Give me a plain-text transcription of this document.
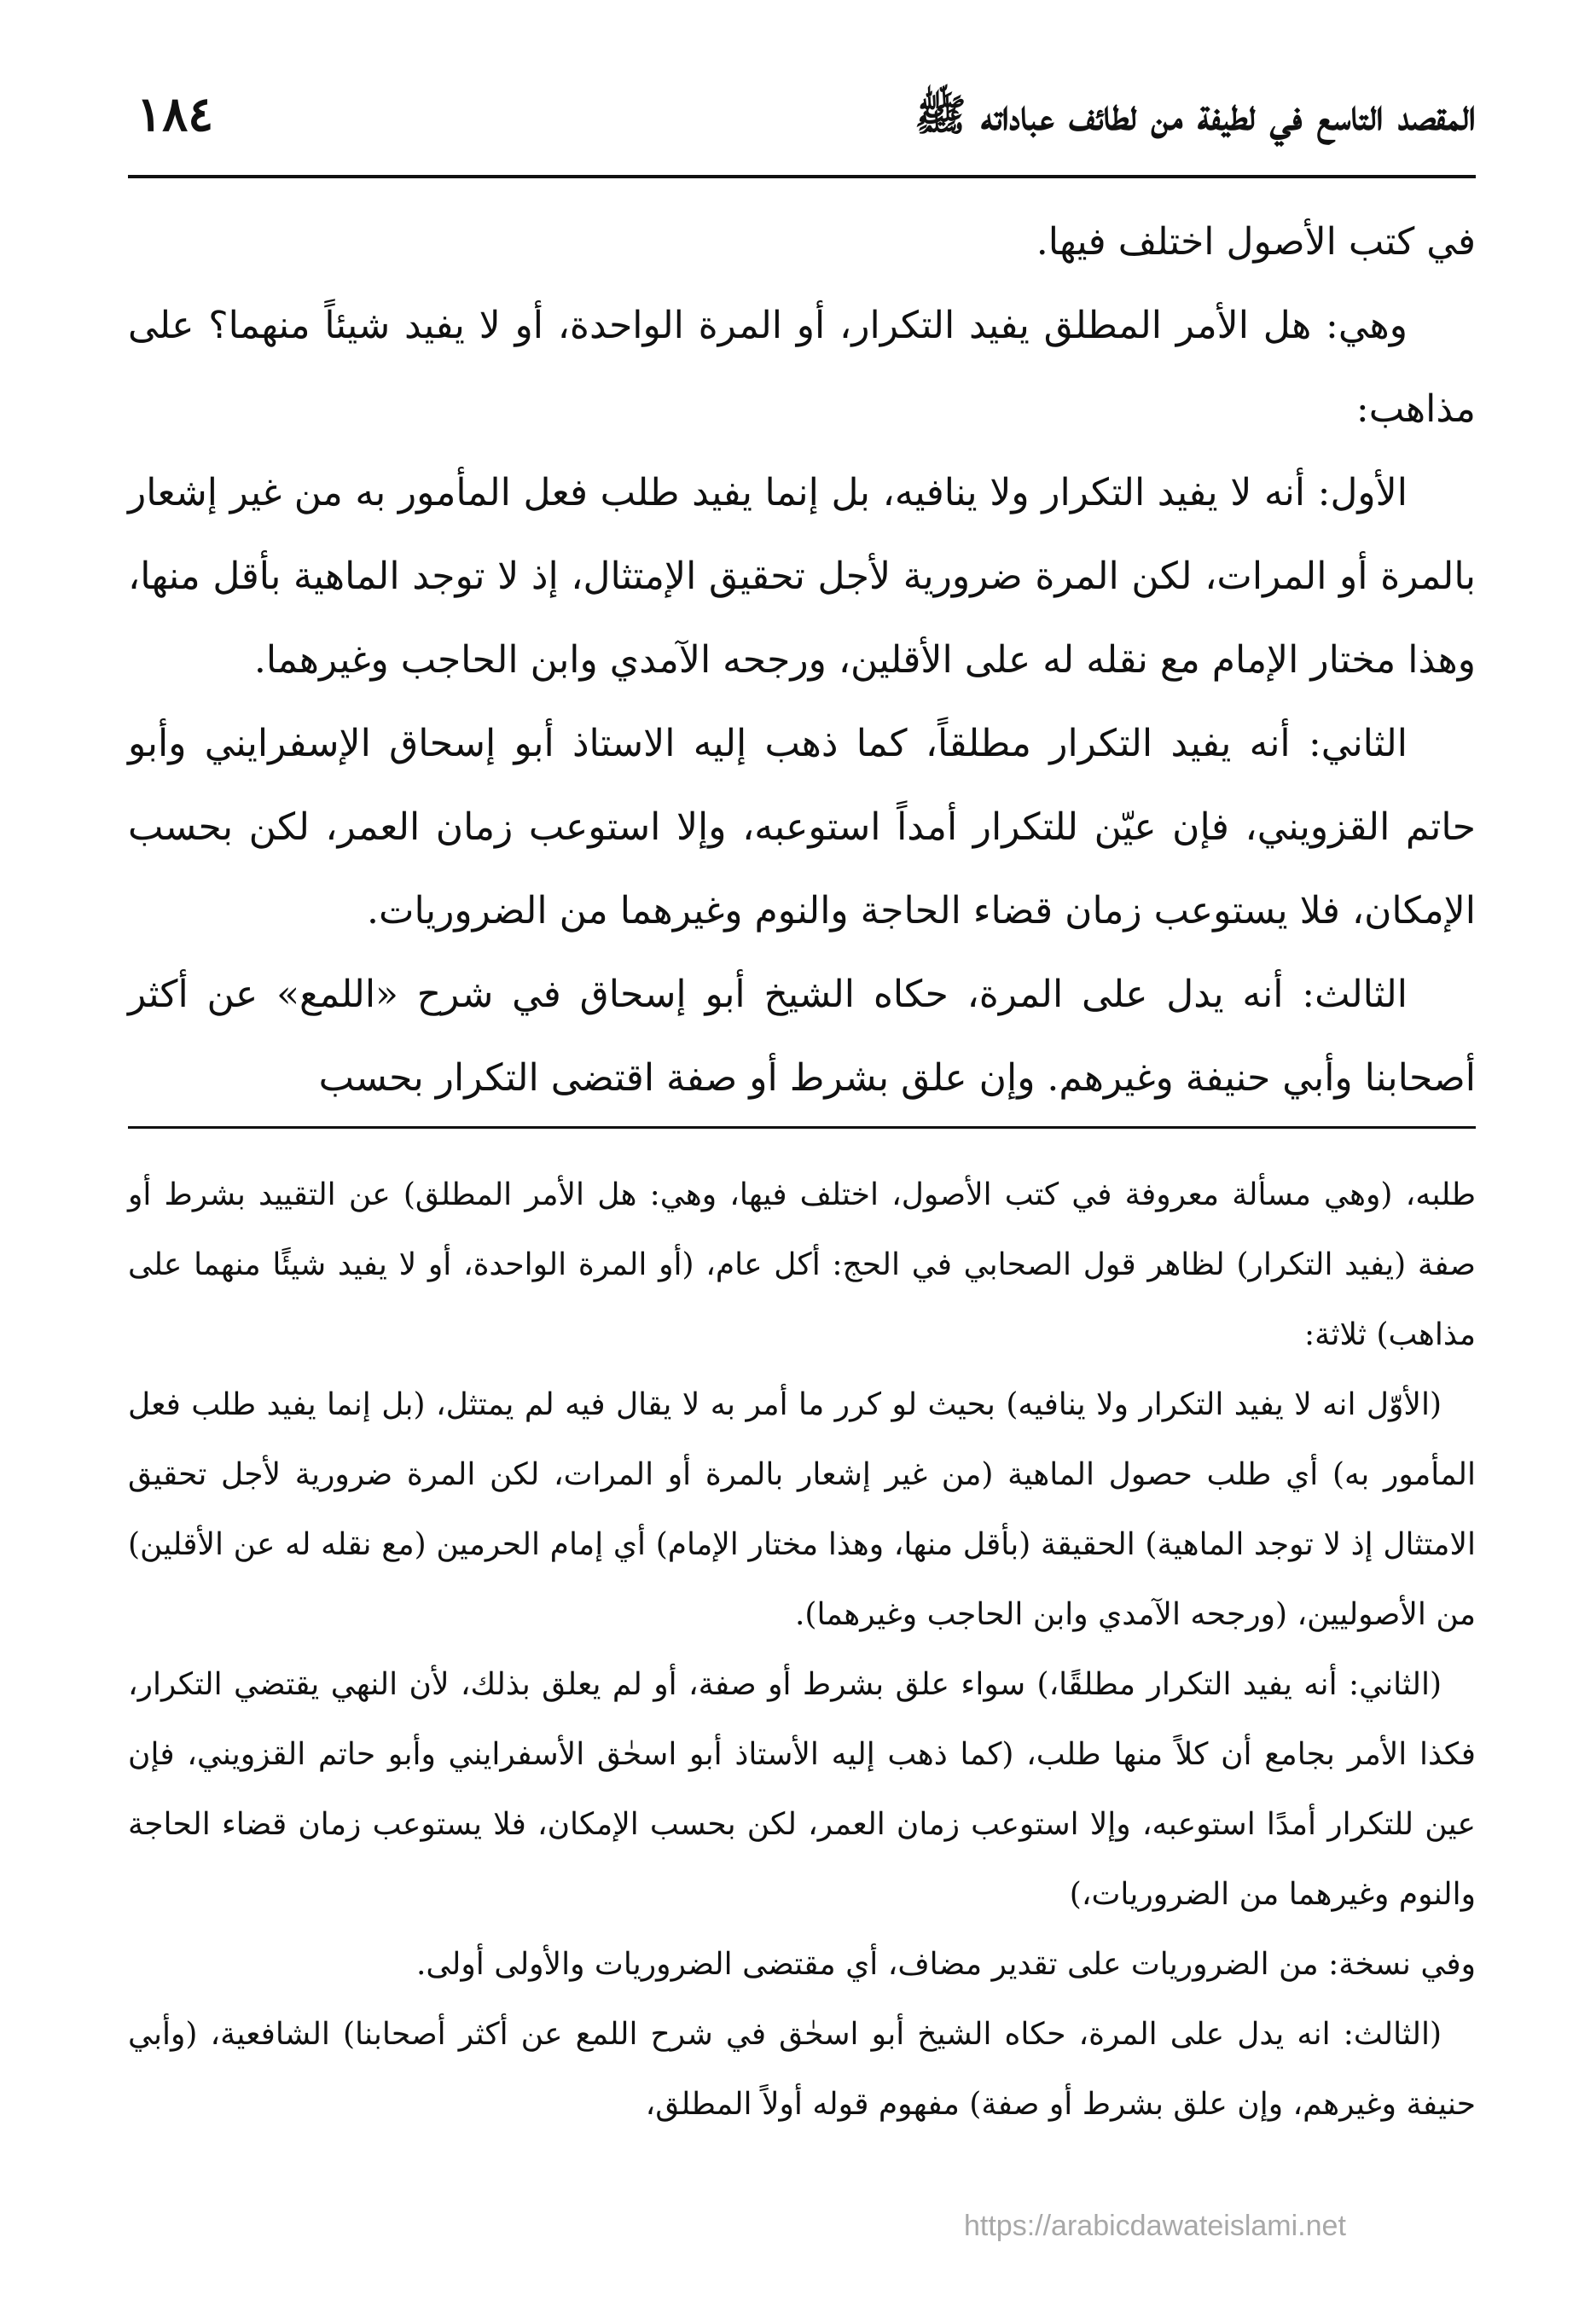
المقصد التاسع في لطيفة من لطائف عباداته ﷺ
١٨٤

في كتب الأصول اختلف فيها.

وهي: هل الأمر المطلق يفيد التكرار، أو المرة الواحدة، أو لا يفيد شيئاً منهما؟ على مذاهب:

الأول: أنه لا يفيد التكرار ولا ينافيه، بل إنما يفيد طلب فعل المأمور به من غير إشعار بالمرة أو المرات، لكن المرة ضرورية لأجل تحقيق الإمتثال، إذ لا توجد الماهية بأقل منها، وهذا مختار الإمام مع نقله له على الأقلين، ورجحه الآمدي وابن الحاجب وغيرهما.

الثاني: أنه يفيد التكرار مطلقاً، كما ذهب إليه الاستاذ أبو إسحاق الإسفرايني وأبو حاتم القزويني، فإن عيّن للتكرار أمداً استوعبه، وإلا استوعب زمان العمر، لكن بحسب الإمكان، فلا يستوعب زمان قضاء الحاجة والنوم وغيرهما من الضروريات.

الثالث: أنه يدل على المرة، حكاه الشيخ أبو إسحاق في شرح «اللمع» عن أكثر أصحابنا وأبي حنيفة وغيرهم. وإن علق بشرط أو صفة اقتضى التكرار بحسب

طلبه، (وهي مسألة معروفة في كتب الأصول، اختلف فيها، وهي: هل الأمر المطلق) عن التقييد بشرط أو صفة (يفيد التكرار) لظاهر قول الصحابي في الحج: أكل عام، (أو المرة الواحدة، أو لا يفيد شيئًا منهما على مذاهب) ثلاثة:

(الأوّل انه لا يفيد التكرار ولا ينافيه) بحيث لو كرر ما أمر به لا يقال فيه لم يمتثل، (بل إنما يفيد طلب فعل المأمور به) أي طلب حصول الماهية (من غير إشعار بالمرة أو المرات، لكن المرة ضرورية لأجل تحقيق الامتثال إذ لا توجد الماهية) الحقيقة (بأقل منها، وهذا مختار الإمام) أي إمام الحرمين (مع نقله له عن الأقلين) من الأصوليين، (ورجحه الآمدي وابن الحاجب وغيرهما).

(الثاني: أنه يفيد التكرار مطلقًا،) سواء علق بشرط أو صفة، أو لم يعلق بذلك، لأن النهي يقتضي التكرار، فكذا الأمر بجامع أن كلاً منها طلب، (كما ذهب إليه الأستاذ أبو اسحٰق الأسفرايني وأبو حاتم القزويني، فإن عين للتكرار أمدًا استوعبه، وإلا استوعب زمان العمر، لكن بحسب الإمكان، فلا يستوعب زمان قضاء الحاجة والنوم وغيرهما من الضروريات،)

وفي نسخة: من الضروريات على تقدير مضاف، أي مقتضى الضروريات والأولى أولى.

(الثالث: انه يدل على المرة، حكاه الشيخ أبو اسحٰق في شرح اللمع عن أكثر أصحابنا) الشافعية، (وأبي حنيفة وغيرهم، وإن علق بشرط أو صفة) مفهوم قوله أولاً المطلق،

https://arabicdawateislami.net
